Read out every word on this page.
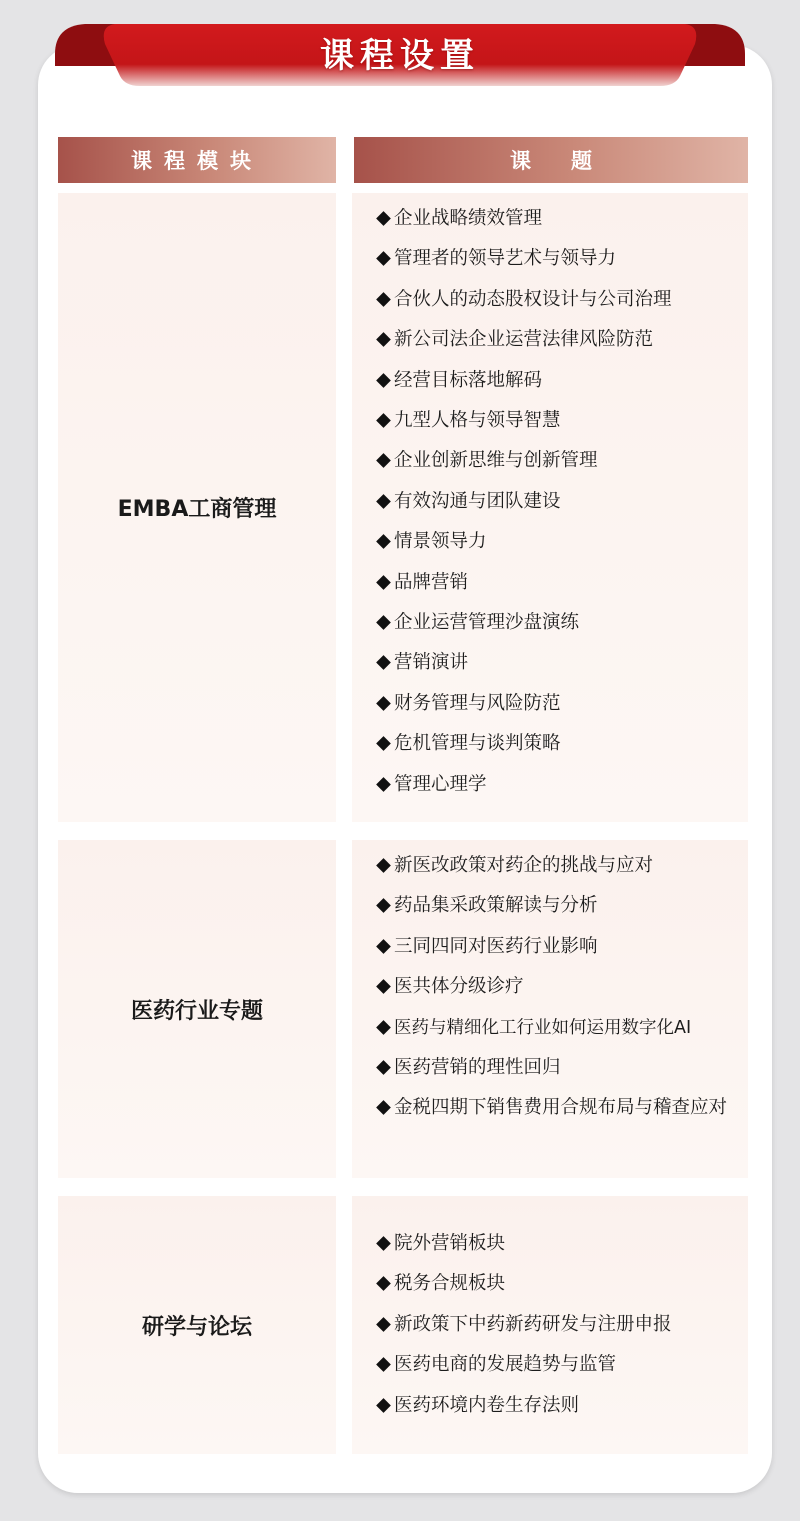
课程设置
课程模块	课题
EMBA工商管理
企业战略绩效管理
管理者的领导艺术与领导力
合伙人的动态股权设计与公司治理
新公司法企业运营法律风险防范
经营目标落地解码
九型人格与领导智慧
企业创新思维与创新管理
有效沟通与团队建设
情景领导力
品牌营销
企业运营管理沙盘演练
营销演讲
财务管理与风险防范
危机管理与谈判策略
管理心理学
医药行业专题
新医改政策对药企的挑战与应对
药品集采政策解读与分析
三同四同对医药行业影响
医共体分级诊疗
医药与精细化工行业如何运用数字化AI
医药营销的理性回归
金税四期下销售费用合规布局与稽查应对
研学与论坛
院外营销板块
税务合规板块
新政策下中药新药研发与注册申报
医药电商的发展趋势与监管
医药环境内卷生存法则
